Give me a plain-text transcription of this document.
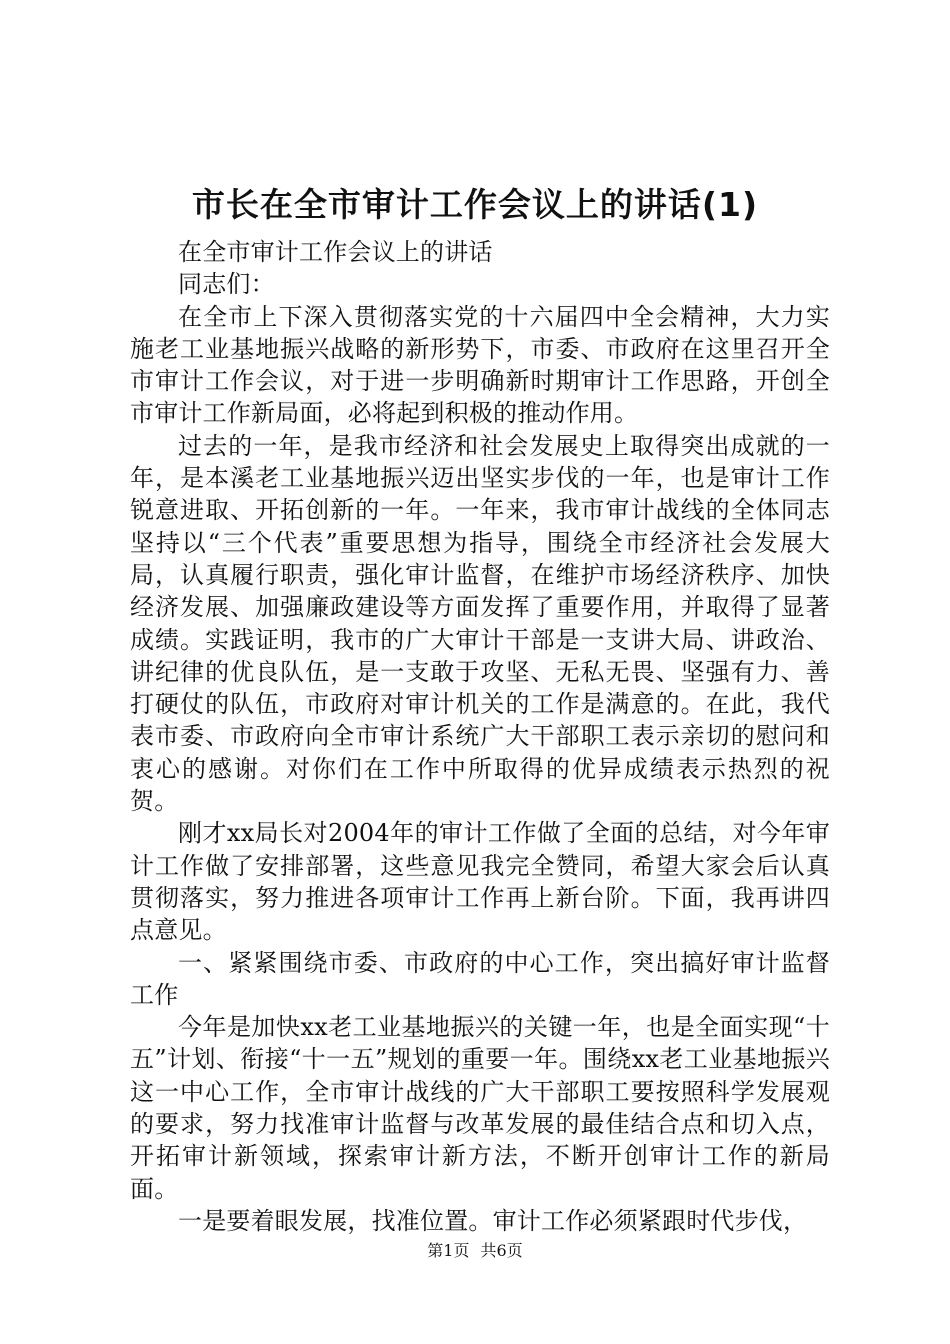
市长在全市审计工作会议上的讲话(1)

在全市审计工作会议上的讲话

同志们：

在全市上下深入贯彻落实党的十六届四中全会精神，大力实施老工业基地振兴战略的新形势下，市委、市政府在这里召开全市审计工作会议，对于进一步明确新时期审计工作思路，开创全市审计工作新局面，必将起到积极的推动作用。

过去的一年，是我市经济和社会发展史上取得突出成就的一年，是本溪老工业基地振兴迈出坚实步伐的一年，也是审计工作锐意进取、开拓创新的一年。一年来，我市审计战线的全体同志坚持以“三个代表”重要思想为指导，围绕全市经济社会发展大局，认真履行职责，强化审计监督，在维护市场经济秩序、加快经济发展、加强廉政建设等方面发挥了重要作用，并取得了显著成绩。实践证明，我市的广大审计干部是一支讲大局、讲政治、讲纪律的优良队伍，是一支敢于攻坚、无私无畏、坚强有力、善打硬仗的队伍，市政府对审计机关的工作是满意的。在此，我代表市委、市政府向全市审计系统广大干部职工表示亲切的慰问和衷心的感谢。对你们在工作中所取得的优异成绩表示热烈的祝贺。

刚才xx局长对2004年的审计工作做了全面的总结，对今年审计工作做了安排部署，这些意见我完全赞同，希望大家会后认真贯彻落实，努力推进各项审计工作再上新台阶。下面，我再讲四点意见。

一、紧紧围绕市委、市政府的中心工作，突出搞好审计监督工作

今年是加快xx老工业基地振兴的关键一年，也是全面实现“十五”计划、衔接“十一五”规划的重要一年。围绕xx老工业基地振兴这一中心工作，全市审计战线的广大干部职工要按照科学发展观的要求，努力找准审计监督与改革发展的最佳结合点和切入点，开拓审计新领域，探索审计新方法，不断开创审计工作的新局面。

一是要着眼发展，找准位置。审计工作必须紧跟时代步伐，

第1页 共6页
